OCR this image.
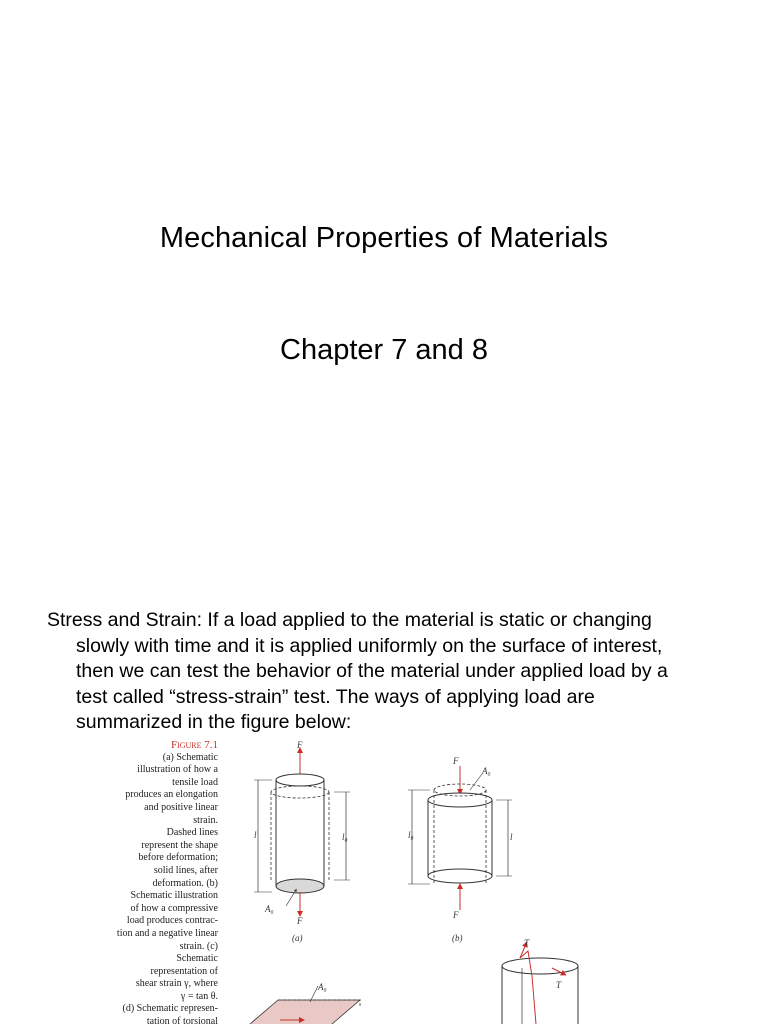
Mechanical Properties of Materials
Chapter 7 and 8
Stress and Strain: If a load applied to the material is static or changing
slowly with time and it is applied uniformly on the surface of interest,
then we can test the behavior of the material under applied load by a
test called “stress-strain” test. The ways of applying load are
summarized in the figure below:
Figure 7.1
(a) Schematic
illustration of how a
tensile load
produces an elongation
and positive linear
strain.
Dashed lines
represent the shape
before deformation;
solid lines, after
deformation. (b)
Schematic illustration
of how a compressive
load produces contrac-
tion and a negative linear
strain. (c)
Schematic
representation of
shear strain γ, where
γ = tan θ.
(d) Schematic represen-
tation of torsional
F
l	l₀
A₀
F
(a)
F
A₀
l₀	l
F
(b)
A₀
T
T
